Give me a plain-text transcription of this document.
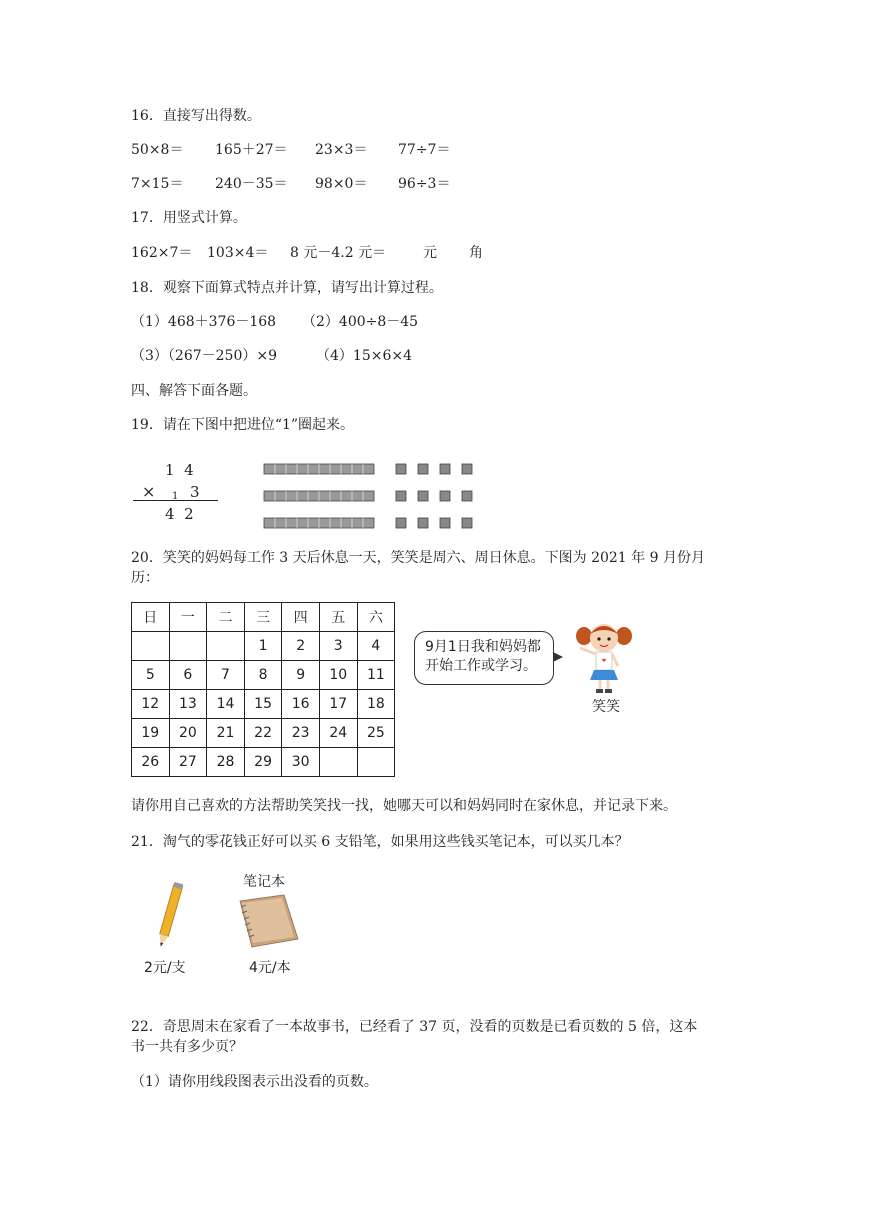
16．直接写出得数。
50×8＝ 165＋27＝ 23×3＝ 77÷7＝
7×15＝ 240－35＝ 98×0＝ 96÷3＝
17．用竖式计算。
162×7＝ 103×4＝ 8 元－4.2 元＝	元 角
18．观察下面算式特点并计算，请写出计算过程。
（1）468＋376－168 （2）400÷8－45
（3）（267－250）×9	（4）15×6×4
四、解答下面各题。
19．请在下图中把进位“1”圈起来。
1  4
× 1 3
4  2
20．笑笑的妈妈每工作 3 天后休息一天，笑笑是周六、周日休息。下图为 2021 年 9 月份月
历：
日	一	二	三	四	五	六
			1	2	3	4
5	6	7	8	9	10	11
12	13	14	15	16	17	18
19	20	21	22	23	24	25
26	27	28	29	30		
9月1日我和妈妈都
开始工作或学习。
笑笑
请你用自己喜欢的方法帮助笑笑找一找，她哪天可以和妈妈同时在家休息，并记录下来。
21．淘气的零花钱正好可以买 6 支铅笔，如果用这些钱买笔记本，可以买几本？
笔记本
2元/支	4元/本
22．奇思周末在家看了一本故事书，已经看了 37 页，没看的页数是已看页数的 5 倍，这本
书一共有多少页？
（1）请你用线段图表示出没看的页数。
